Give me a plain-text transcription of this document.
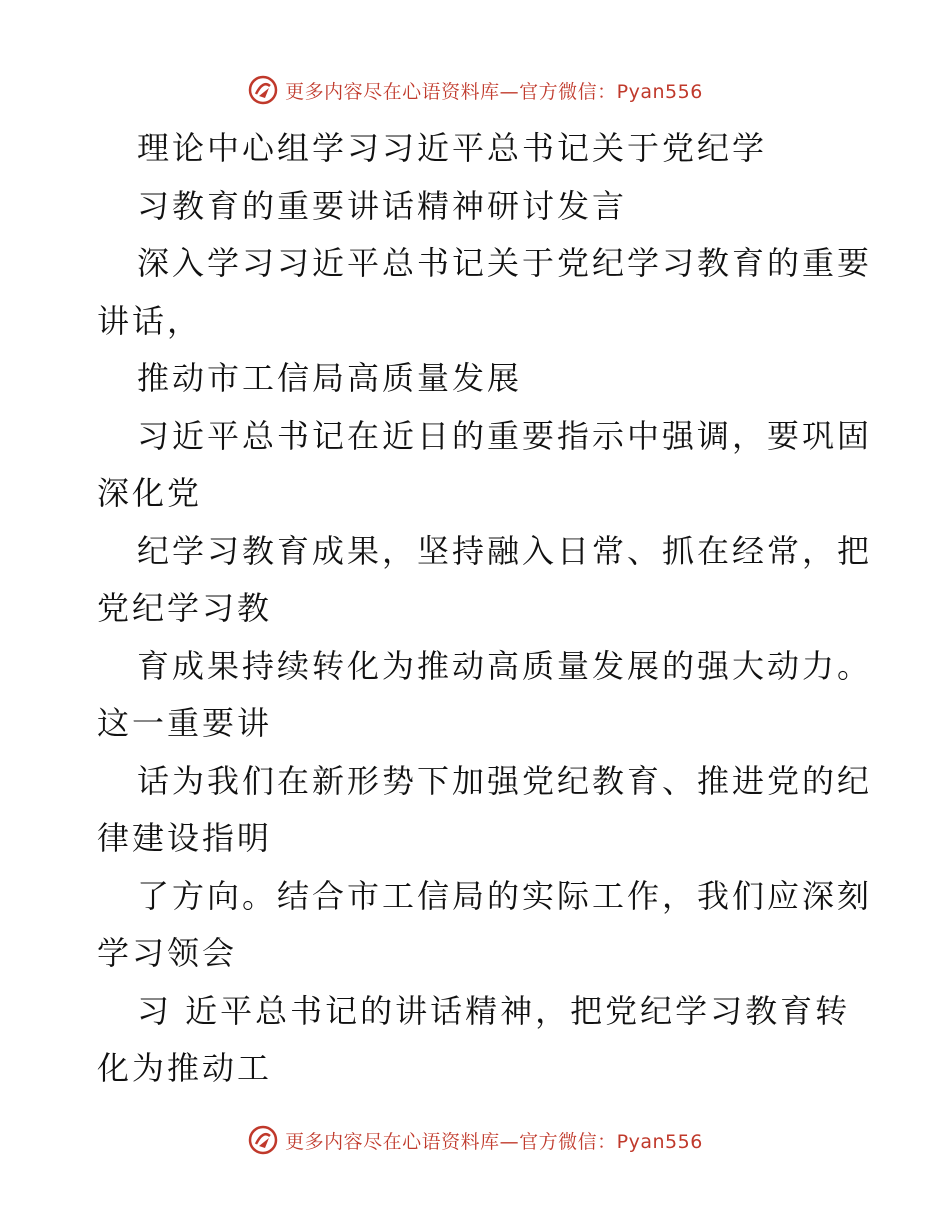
更多内容尽在心语资料库—官方微信：Pyan556
理论中心组学习习近平总书记关于党纪学
习教育的重要讲话精神研讨发言
深入学习习近平总书记关于党纪学习教育的重要
讲话，
推动市工信局高质量发展
习近平总书记在近日的重要指示中强调，要巩固
深化党
纪学习教育成果，坚持融入日常、抓在经常，把
党纪学习教
育成果持续转化为推动高质量发展的强大动力。
这一重要讲
话为我们在新形势下加强党纪教育、推进党的纪
律建设指明
了方向。结合市工信局的实际工作，我们应深刻
学习领会
习 近平总书记的讲话精神，把党纪学习教育转
化为推动工
更多内容尽在心语资料库—官方微信：Pyan556
